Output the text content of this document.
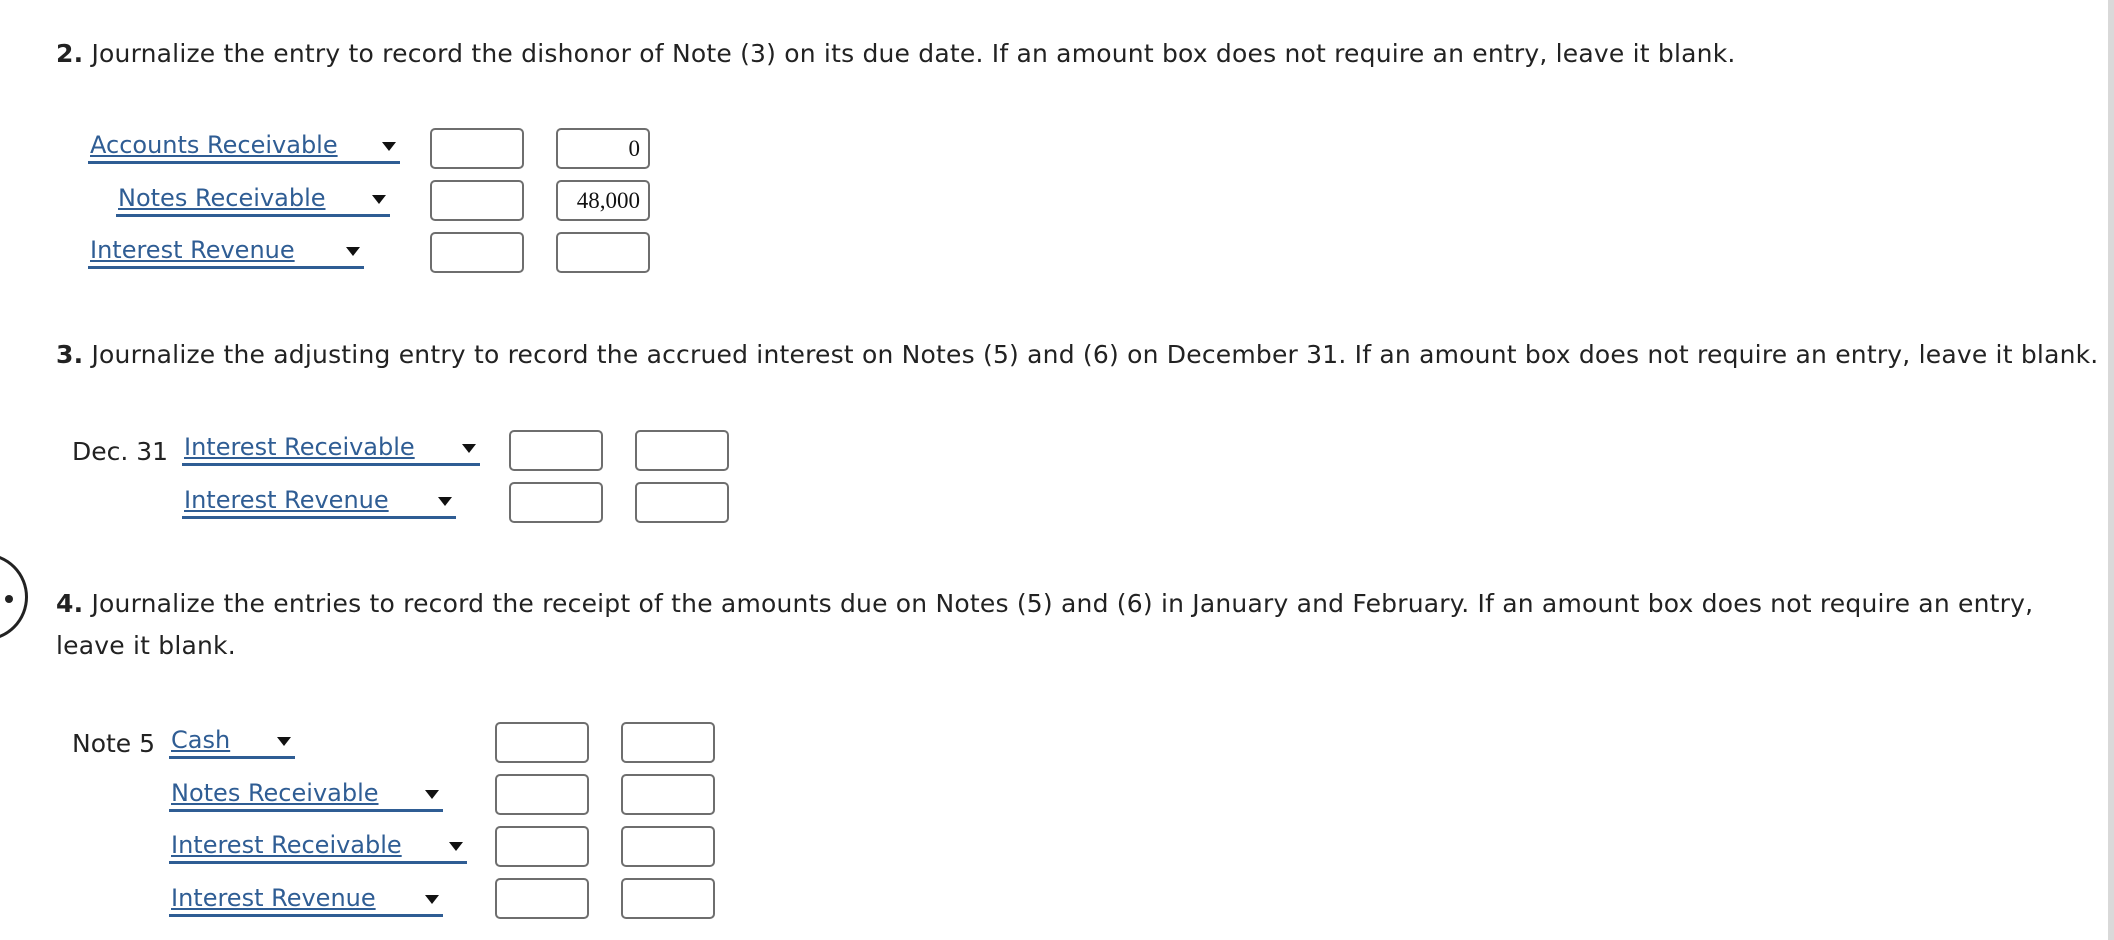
2. Journalize the entry to record the dishonor of Note (3) on its due date. If an amount box does not require an entry, leave it blank.
Accounts Receivable
0
Notes Receivable
48,000
Interest Revenue
3. Journalize the adjusting entry to record the accrued interest on Notes (5) and (6) on December 31. If an amount box does not require an entry, leave it blank.
Dec. 31 Interest Receivable
Interest Revenue
4. Journalize the entries to record the receipt of the amounts due on Notes (5) and (6) in January and February. If an amount box does not require an entry, leave it blank.
Note 5 Cash
Notes Receivable
Interest Receivable
Interest Revenue
